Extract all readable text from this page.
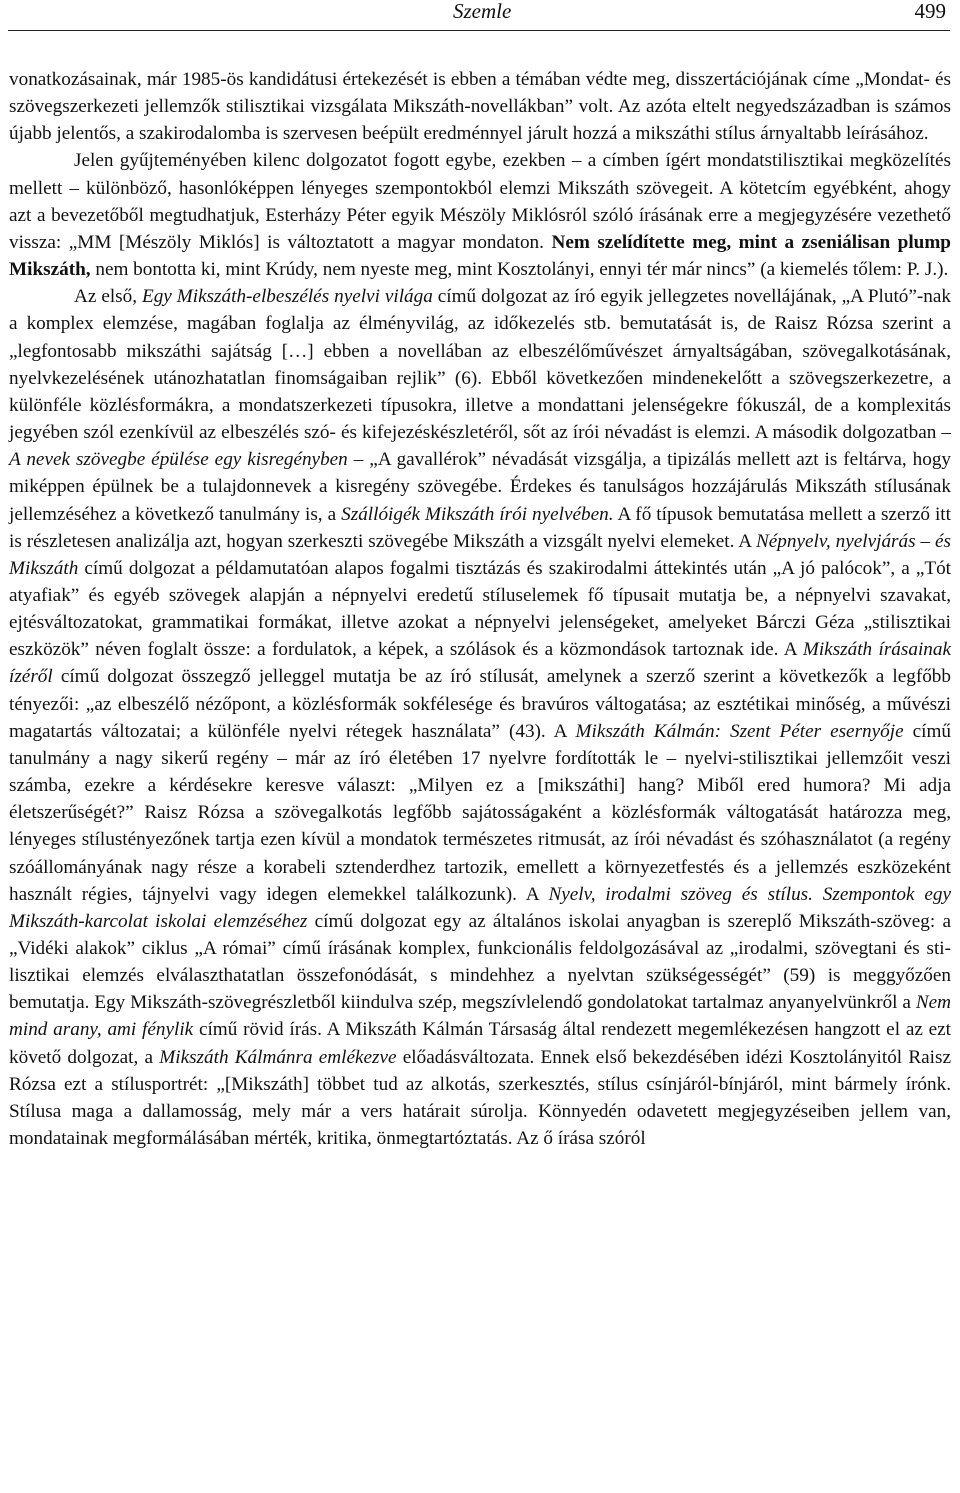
Szemle	499

vonatkozásainak, már 1985-ös kandidátusi értekezését is ebben a témában védte meg, disszertációjának címe „Mondat- és szövegszerkezeti jellemzők stilisztikai vizsgálata Mikszáth-novellákban” volt. Az azóta eltelt negyedszázadban is számos újabb jelentős, a szakirodalomba is szervesen beépült eredménnyel járult hozzá a mikszáthi stílus árnyaltabb leírásához.

Jelen gyűjteményében kilenc dolgozatot fogott egybe, ezekben – a címben ígért mondatstilisztikai megközelítés mellett – különböző, hasonlóképpen lényeges szempontokból elemzi Mikszáth szövegeit. A kötetcím egyébként, ahogy azt a bevezetőből megtudhatjuk, Esterházy Péter egyik Mészöly Miklósról szóló írásának erre a megjegyzésére vezethető vissza: „MM [Mészöly Miklós] is változtatott a magyar mondaton. Nem szelídítette meg, mint a zseniálisan plump Mikszáth, nem bontotta ki, mint Krúdy, nem nyeste meg, mint Kosztolányi, ennyi tér már nincs” (a kiemelés tőlem: P. J.).

Az első, Egy Mikszáth-elbeszélés nyelvi világa című dolgozat az író egyik jellegzetes novellájának, „A Plutó”-nak a komplex elemzése, magában foglalja az élményvilág, az időkezelés stb. bemutatását is, de Raisz Rózsa szerint a „legfontosabb mikszáthi sajátság […] ebben a novellában az elbeszélőművészet árnyaltságában, szövegalkotásának, nyelvkezelésének utánozhatatlan finomságaiban rejlik” (6). Ebből következően mindenekelőtt a szövegszerkezetre, a különféle közlésformákra, a mondatszerkezeti típusokra, illetve a mondattani jelenségekre fókuszál, de a komplexitás jegyében szól ezenkívül az elbeszélés szó- és kifejezéskészletéről, sőt az írói névadást is elemzi. A második dolgozatban – A nevek szövegbe épülése egy kisregényben – „A gavallérok” névadását vizsgálja, a tipizálás mellett azt is feltárva, hogy miképpen épülnek be a tulajdonnevek a kisregény szövegébe. Érdekes és tanulságos hozzájárulás Mikszáth stílusának jellemzéséhez a következő tanulmány is, a Szállóigék Mikszáth írói nyelvében. A fő típusok bemutatása mellett a szerző itt is részletesen analizálja azt, hogyan szerkeszti szövegébe Mikszáth a vizsgált nyelvi elemeket. A Népnyelv, nyelvjárás – és Mikszáth című dolgozat a példamutatóan alapos fogalmi tisztázás és szakirodalmi áttekintés után „A jó palócok”, a „Tót atyafiak” és egyéb szövegek alapján a népnyelvi eredetű stíluselemek fő típusait mutatja be, a népnyelvi szavakat, ejtésváltozatokat, grammatikai formákat, illetve azokat a népnyelvi jelenségeket, amelyeket Bárczi Géza „stilisztikai eszközök” néven foglalt össze: a fordulatok, a képek, a szólások és a közmondások tartoznak ide. A Mikszáth írásainak ízéről című dolgozat összegző jelleggel mutatja be az író stílusát, amelynek a szerző szerint a következők a legfőbb tényezői: „az elbeszélő nézőpont, a közlésformák sokfélesége és bravúros váltogatása; az esztétikai minőség, a művészi magatartás változatai; a különféle nyelvi rétegek használata” (43). A Mikszáth Kálmán: Szent Péter esernyője című tanulmány a nagy sikerű regény – már az író életében 17 nyelvre fordították le – nyelvi-stilisztikai jellemzőit veszi számba, ezekre a kérdésekre keresve választ: „Milyen ez a [mikszáthi] hang? Miből ered humora? Mi adja életszerűségét?” Raisz Rózsa a szövegalkotás legfőbb sajátosságaként a közlésformák váltogatását határozza meg, lényeges stílustényezőnek tartja ezen kívül a mondatok természetes ritmusát, az írói névadást és szóhasználatot (a regény szóállományának nagy része a korabeli sztenderdhez tartozik, emellett a környezetfestés és a jellemzés eszközeként használt régies, tájnyelvi vagy idegen elemekkel találkozunk). A Nyelv, irodalmi szöveg és stílus. Szempontok egy Mikszáth-karcolat iskolai elemzéséhez című dolgozat egy az általános iskolai anyagban is szereplő Mikszáth-szöveg: a „Vidéki alakok” ciklus „A római” című írásának komplex, funkcionális feldolgozásával az „irodalmi, szövegtani és stilisztikai elemzés elválaszthatatlan összefonódását, s mindehhez a nyelvtan szükségességét” (59) is meggyőzően bemutatja. Egy Mikszáth-szövegrészletből kiindulva szép, megszívlelendő gondolatokat tartalmaz anyanyelvünkről a Nem mind arany, ami fénylik című rövid írás. A Mikszáth Kálmán Társaság által rendezett megemlékezésen hangzott el az ezt követő dolgozat, a Mikszáth Kálmánra emlékezve előadásváltozata. Ennek első bekezdésében idézi Kosztolányitól Raisz Rózsa ezt a stílusportrét: „[Mikszáth] többet tud az alkotás, szerkesztés, stílus csínjáról-bínjáról, mint bármely írónk. Stílusa maga a dallamosság, mely már a vers határait súrolja. Könnyedén odavetett megjegyzéseiben jellem van, mondatainak megformálásában mérték, kritika, önmegtartóztatás. Az ő írása szóról
